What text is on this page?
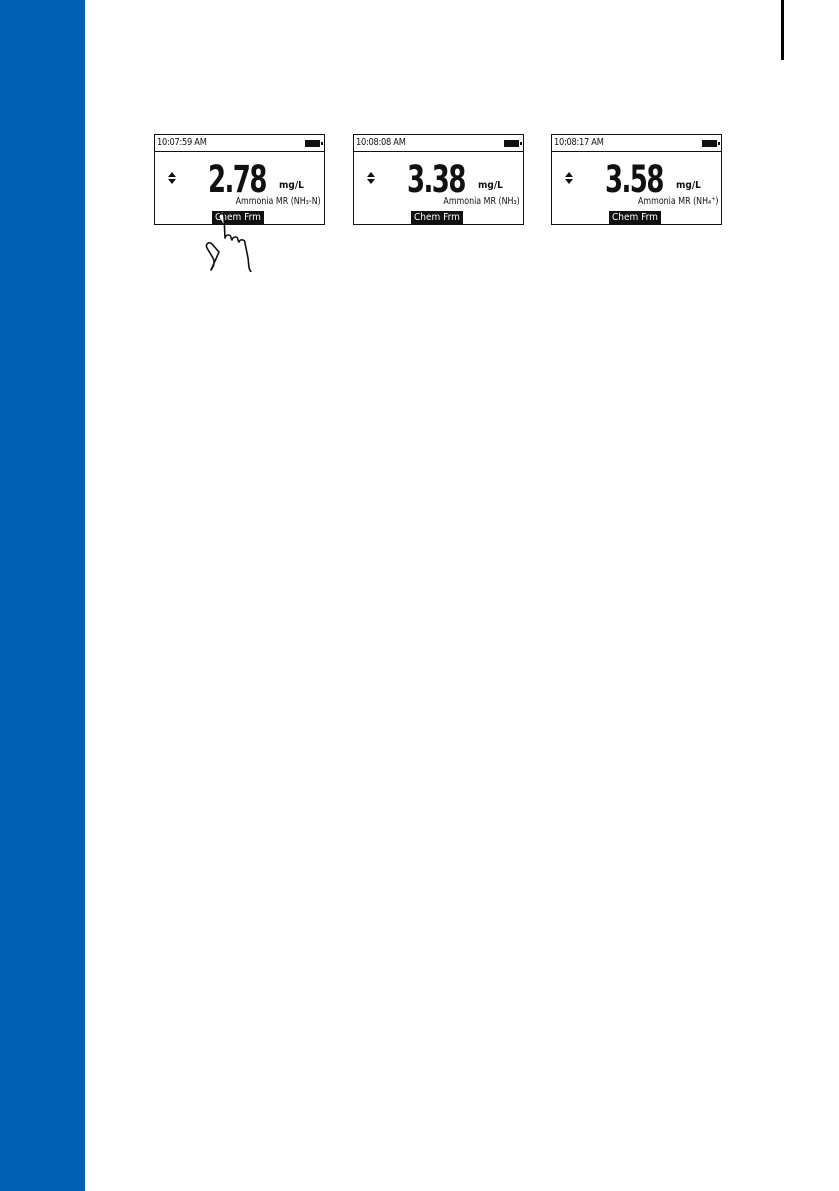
10:07:59 AM
2.78 mg/L
Ammonia MR (NH₃-N)
Chem Frm
10:08:08 AM
3.38 mg/L
Ammonia MR (NH₃)
Chem Frm
10:08:17 AM
3.58 mg/L
Ammonia MR (NH₄⁺)
Chem Frm
